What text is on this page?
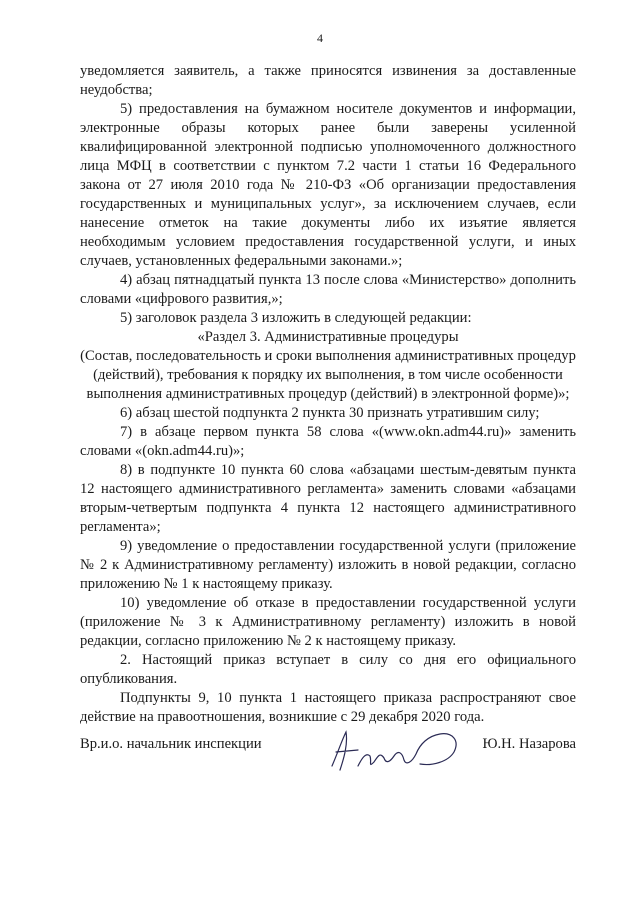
4

уведомляется заявитель, а также приносятся извинения за доставленные неудобства;

5) предоставления на бумажном носителе документов и информации, электронные образы которых ранее были заверены усиленной квалифицированной электронной подписью уполномоченного должностного лица МФЦ в соответствии с пунктом 7.2 части 1 статьи 16 Федерального закона от 27 июля 2010 года № 210-ФЗ «Об организации предоставления государственных и муниципальных услуг», за исключением случаев, если нанесение отметок на такие документы либо их изъятие является необходимым условием предоставления государственной услуги, и иных случаев, установленных федеральными законами.»;

4) абзац пятнадцатый пункта 13 после слова «Министерство» дополнить словами «цифрового развития,»;

5) заголовок раздела 3 изложить в следующей редакции:

«Раздел 3. Административные процедуры

(Состав, последовательность и сроки выполнения административных процедур (действий), требования к порядку их выполнения, в том числе особенности выполнения административных процедур (действий) в электронной форме)»;

6) абзац шестой подпункта 2 пункта 30 признать утратившим силу;

7) в абзаце первом пункта 58 слова «(www.okn.adm44.ru)» заменить словами «(okn.adm44.ru)»;

8) в подпункте 10 пункта 60 слова «абзацами шестым-девятым пункта 12 настоящего административного регламента» заменить словами «абзацами вторым-четвертым подпункта 4 пункта 12 настоящего административного регламента»;

9) уведомление о предоставлении государственной услуги (приложение № 2 к Административному регламенту) изложить в новой редакции, согласно приложению № 1 к настоящему приказу.

10) уведомление об отказе в предоставлении государственной услуги (приложение № 3 к Административному регламенту) изложить в новой редакции, согласно приложению № 2 к настоящему приказу.

2. Настоящий приказ вступает в силу со дня его официального опубликования.

Подпункты 9, 10 пункта 1 настоящего приказа распространяют свое действие на правоотношения, возникшие с 29 декабря 2020 года.

Вр.и.о. начальник инспекции	Ю.Н. Назарова
